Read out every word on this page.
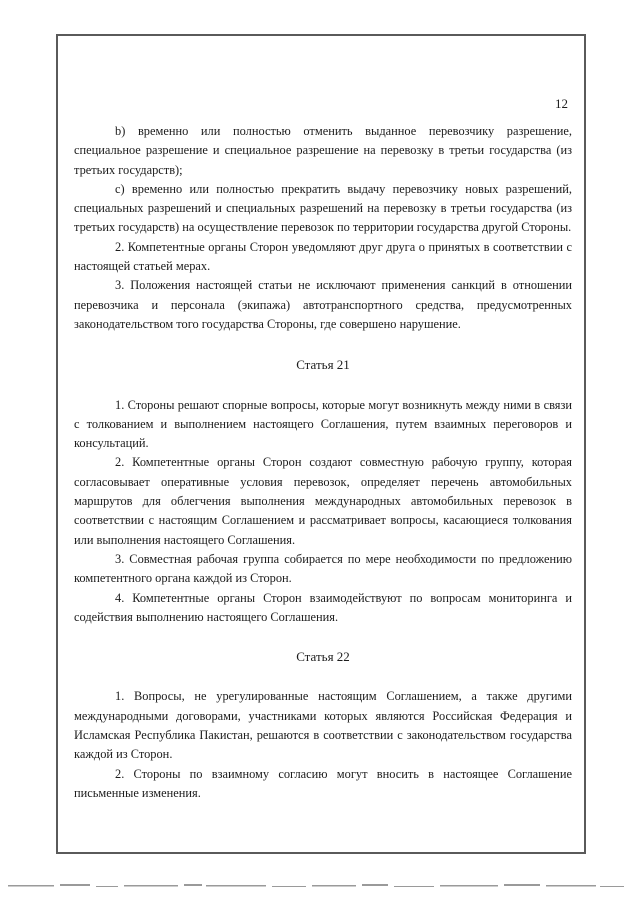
12

b) временно или полностью отменить выданное перевозчику разрешение, специальное разрешение и специальное разрешение на перевозку в третьи государства (из третьих государств);

c) временно или полностью прекратить выдачу перевозчику новых разрешений, специальных разрешений и специальных разрешений на перевозку в третьи государства (из третьих государств) на осуществление перевозок по территории государства другой Стороны.

2. Компетентные органы Сторон уведомляют друг друга о принятых в соответствии с настоящей статьей мерах.

3. Положения настоящей статьи не исключают применения санкций в отношении перевозчика и персонала (экипажа) автотранспортного средства, предусмотренных законодательством того государства Стороны, где совершено нарушение.

Статья 21

1. Стороны решают спорные вопросы, которые могут возникнуть между ними в связи с толкованием и выполнением настоящего Соглашения, путем взаимных переговоров и консультаций.

2. Компетентные органы Сторон создают совместную рабочую группу, которая согласовывает оперативные условия перевозок, определяет перечень автомобильных маршрутов для облегчения выполнения международных автомобильных перевозок в соответствии с настоящим Соглашением и рассматривает вопросы, касающиеся толкования или выполнения настоящего Соглашения.

3. Совместная рабочая группа собирается по мере необходимости по предложению компетентного органа каждой из Сторон.

4. Компетентные органы Сторон взаимодействуют по вопросам мониторинга и содействия выполнению настоящего Соглашения.

Статья 22

1. Вопросы, не урегулированные настоящим Соглашением, а также другими международными договорами, участниками которых являются Российская Федерация и Исламская Республика Пакистан, решаются в соответствии с законодательством государства каждой из Сторон.

2. Стороны по взаимному согласию могут вносить в настоящее Соглашение письменные изменения.
